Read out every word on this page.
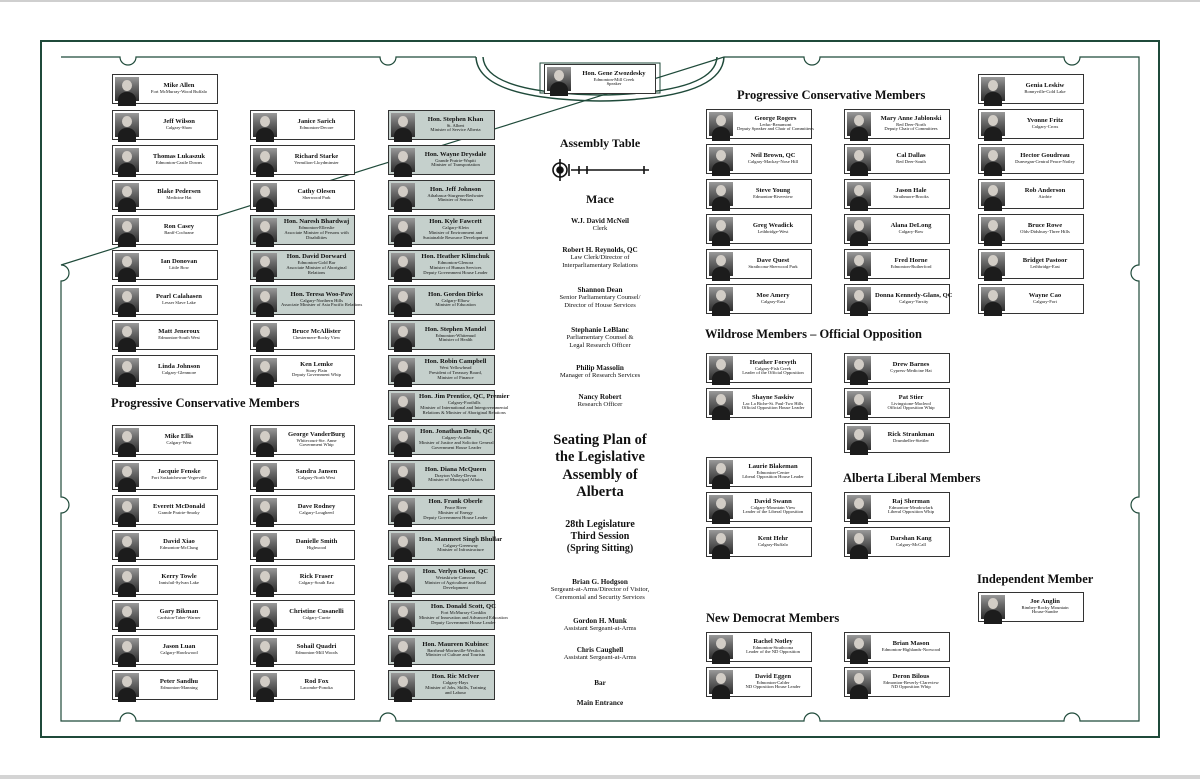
Hon. Gene Zwozdesky
Edmonton-Mill Creek
Speaker
Mike Allen
Fort McMurray-Wood Buffalo
Jeff Wilson
Calgary-Shaw
Thomas Lukaszuk
Edmonton-Castle Downs
Blake Pedersen
Medicine Hat
Ron Casey
Banff-Cochrane
Ian Donovan
Little Bow
Pearl Calahasen
Lesser Slave Lake
Matt Jeneroux
Edmonton-South West
Linda Johnson
Calgary-Glenmore
Janice Sarich
Edmonton-Decore
Richard Starke
Vermilion-Lloydminster
Cathy Olesen
Sherwood Park
Hon. Naresh Bhardwaj
Edmonton-Ellerslie
Associate Minister of Persons with
Disabilities
Hon. David Dorward
Edmonton-Gold Bar
Associate Minister of Aboriginal
Relations
Hon. Teresa Woo-Paw
Calgary-Northern Hills
Associate Minister of Asia Pacific Relations
Bruce McAllister
Chestermere-Rocky View
Ken Lemke
Stony Plain
Deputy Government Whip
Hon. Stephen Khan
St. Albert
Minister of Service Alberta
Hon. Wayne Drysdale
Grande Prairie-Wapiti
Minister of Transportation
Hon. Jeff Johnson
Athabasca-Sturgeon-Redwater
Minister of Seniors
Hon. Kyle Fawcett
Calgary-Klein
Minister of Environment and
Sustainable Resource Development
Hon. Heather Klimchuk
Edmonton-Glenora
Minister of Human Services
Deputy Government House Leader
Hon. Gordon Dirks
Calgary-Elbow
Minister of Education
Hon. Stephen Mandel
Edmonton-Whitemud
Minister of Health
Hon. Robin Campbell
West Yellowhead
President of Treasury Board,
Minister of Finance
Hon. Jim Prentice, QC, Premier
Calgary-Foothills
Minister of International and Intergovernmental
Relations & Minister of Aboriginal Relations
Hon. Jonathan Denis, QC
Calgary-Acadia
Minister of Justice and Solicitor General
Government House Leader
Hon. Diana McQueen
Drayton Valley-Devon
Minister of Municipal Affairs
Hon. Frank Oberle
Peace River
Minister of Energy
Deputy Government House Leader
Hon. Manmeet Singh Bhullar
Calgary-Greenway
Minister of Infrastructure
Hon. Verlyn Olson, QC
Wetaskiwin-Camrose
Minister of Agriculture and Rural
Development
Hon. Donald Scott, QC
Fort McMurray-Conklin
Minister of Innovation and Advanced Education
Deputy Government House Leader
Hon. Maureen Kubinec
Barrhead-Morinville-Westlock
Minister of Culture and Tourism
Hon. Ric McIver
Calgary-Hays
Minister of Jobs, Skills, Training
and Labour
Mike Ellis
Calgary-West
Jacquie Fenske
Fort Saskatchewan-Vegreville
Everett McDonald
Grande Prairie-Smoky
David Xiao
Edmonton-McClung
Kerry Towle
Innisfail-Sylvan Lake
Gary Bikman
Cardston-Taber-Warner
Jason Luan
Calgary-Hawkwood
Peter Sandhu
Edmonton-Manning
George VanderBurg
Whitecourt-Ste. Anne
Government Whip
Sandra Jansen
Calgary-North West
Dave Rodney
Calgary-Lougheed
Danielle Smith
Highwood
Rick Fraser
Calgary-South East
Christine Cusanelli
Calgary-Currie
Sohail Quadri
Edmonton-Mill Woods
Rod Fox
Lacombe-Ponoka
George Rogers
Leduc-Beaumont
Deputy Speaker and Chair of Committees
Neil Brown, QC
Calgary-Mackay-Nose Hill
Steve Young
Edmonton-Riverview
Greg Weadick
Lethbridge-West
Dave Quest
Strathcona-Sherwood Park
Moe Amery
Calgary-East
Mary Anne Jablonski
Red Deer-North
Deputy Chair of Committees
Cal Dallas
Red Deer-South
Jason Hale
Strathmore-Brooks
Alana DeLong
Calgary-Bow
Fred Horne
Edmonton-Rutherford
Donna Kennedy-Glans, QC
Calgary-Varsity
Genia Leskiw
Bonnyville-Cold Lake
Yvonne Fritz
Calgary-Cross
Hector Goudreau
Dunvegan-Central Peace-Notley
Rob Anderson
Airdrie
Bruce Rowe
Olds-Didsbury-Three Hills
Bridget Pastoor
Lethbridge-East
Wayne Cao
Calgary-Fort
Heather Forsyth
Calgary-Fish Creek
Leader of the Official Opposition
Shayne Saskiw
Lac La Biche-St. Paul-Two Hills
Official Opposition House Leader
Drew Barnes
Cypress-Medicine Hat
Pat Stier
Livingstone-Macleod
Official Opposition Whip
Rick Strankman
Drumheller-Stettler
Laurie Blakeman
Edmonton-Centre
Liberal Opposition House Leader
David Swann
Calgary-Mountain View
Leader of the Liberal Opposition
Kent Hehr
Calgary-Buffalo
Raj Sherman
Edmonton-Meadowlark
Liberal Opposition Whip
Darshan Kang
Calgary-McCall
Joe Anglin
Rimbey-Rocky Mountain
House-Sundre
Rachel Notley
Edmonton-Strathcona
Leader of the ND Opposition
David Eggen
Edmonton-Calder
ND Opposition House Leader
Brian Mason
Edmonton-Highlands-Norwood
Deron Bilous
Edmonton-Beverly-Clareview
ND Opposition Whip
Progressive Conservative Members
Progressive Conservative Members
Wildrose Members – Official Opposition
Alberta Liberal Members
Independent Member
New Democrat Members
Assembly Table
Mace
W.J. David McNeil
Clerk
Robert H. Reynolds, QC
Law Clerk/Director of
Interparliamentary Relations
Shannon Dean
Senior Parliamentary Counsel/
Director of House Services
Stephanie LeBlanc
Parliamentary Counsel &
Legal Research Officer
Philip Massolin
Manager of Research Services
Nancy Robert
Research Officer
Seating Plan of
the Legislative
Assembly of
Alberta
28th Legislature
Third Session
(Spring Sitting)
Brian G. Hodgson
Sergeant-at-Arms/Director of Visitor,
Ceremonial and Security Services
Gordon H. Munk
Assistant Sergeant-at-Arms
Chris Caughell
Assistant Sergeant-at-Arms
Bar
Main Entrance
